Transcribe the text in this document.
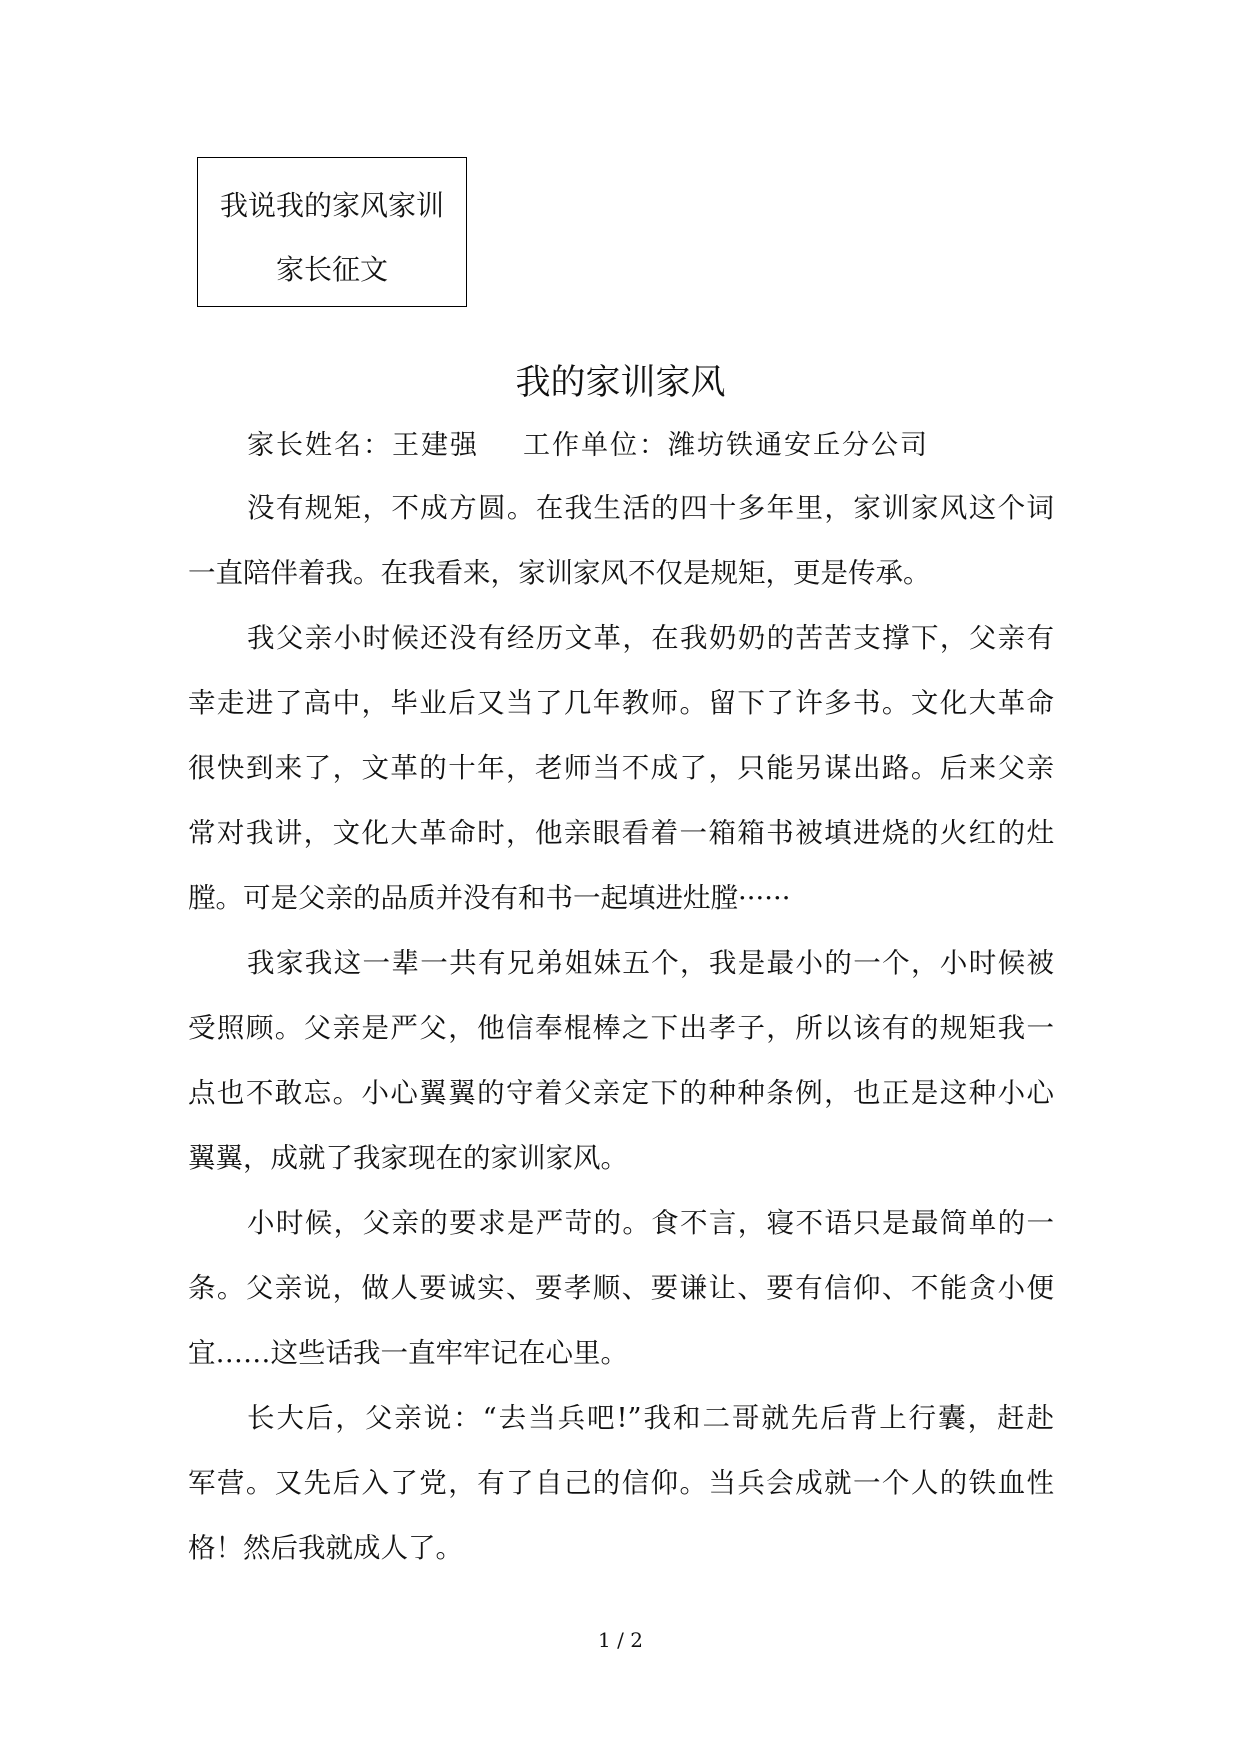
我说我的家风家训
家长征文
我的家训家风
家长姓名：王建强 工作单位：潍坊铁通安丘分公司
没有规矩，不成方圆。在我生活的四十多年里，家训家风这个词
一直陪伴着我。在我看来，家训家风不仅是规矩，更是传承。
我父亲小时候还没有经历文革，在我奶奶的苦苦支撑下，父亲有
幸走进了高中，毕业后又当了几年教师。留下了许多书。文化大革命
很快到来了，文革的十年，老师当不成了，只能另谋出路。后来父亲
常对我讲，文化大革命时，他亲眼看着一箱箱书被填进烧的火红的灶
膛。可是父亲的品质并没有和书一起填进灶膛······
我家我这一辈一共有兄弟姐妹五个，我是最小的一个，小时候被
受照顾。父亲是严父，他信奉棍棒之下出孝子，所以该有的规矩我一
点也不敢忘。小心翼翼的守着父亲定下的种种条例，也正是这种小心
翼翼，成就了我家现在的家训家风。
小时候，父亲的要求是严苛的。食不言，寝不语只是最简单的一
条。父亲说，做人要诚实、要孝顺、要谦让、要有信仰、不能贪小便
宜……这些话我一直牢牢记在心里。
长大后，父亲说：“去当兵吧!”我和二哥就先后背上行囊，赶赴
军营。又先后入了党，有了自己的信仰。当兵会成就一个人的铁血性
格！然后我就成人了。
1 / 2
